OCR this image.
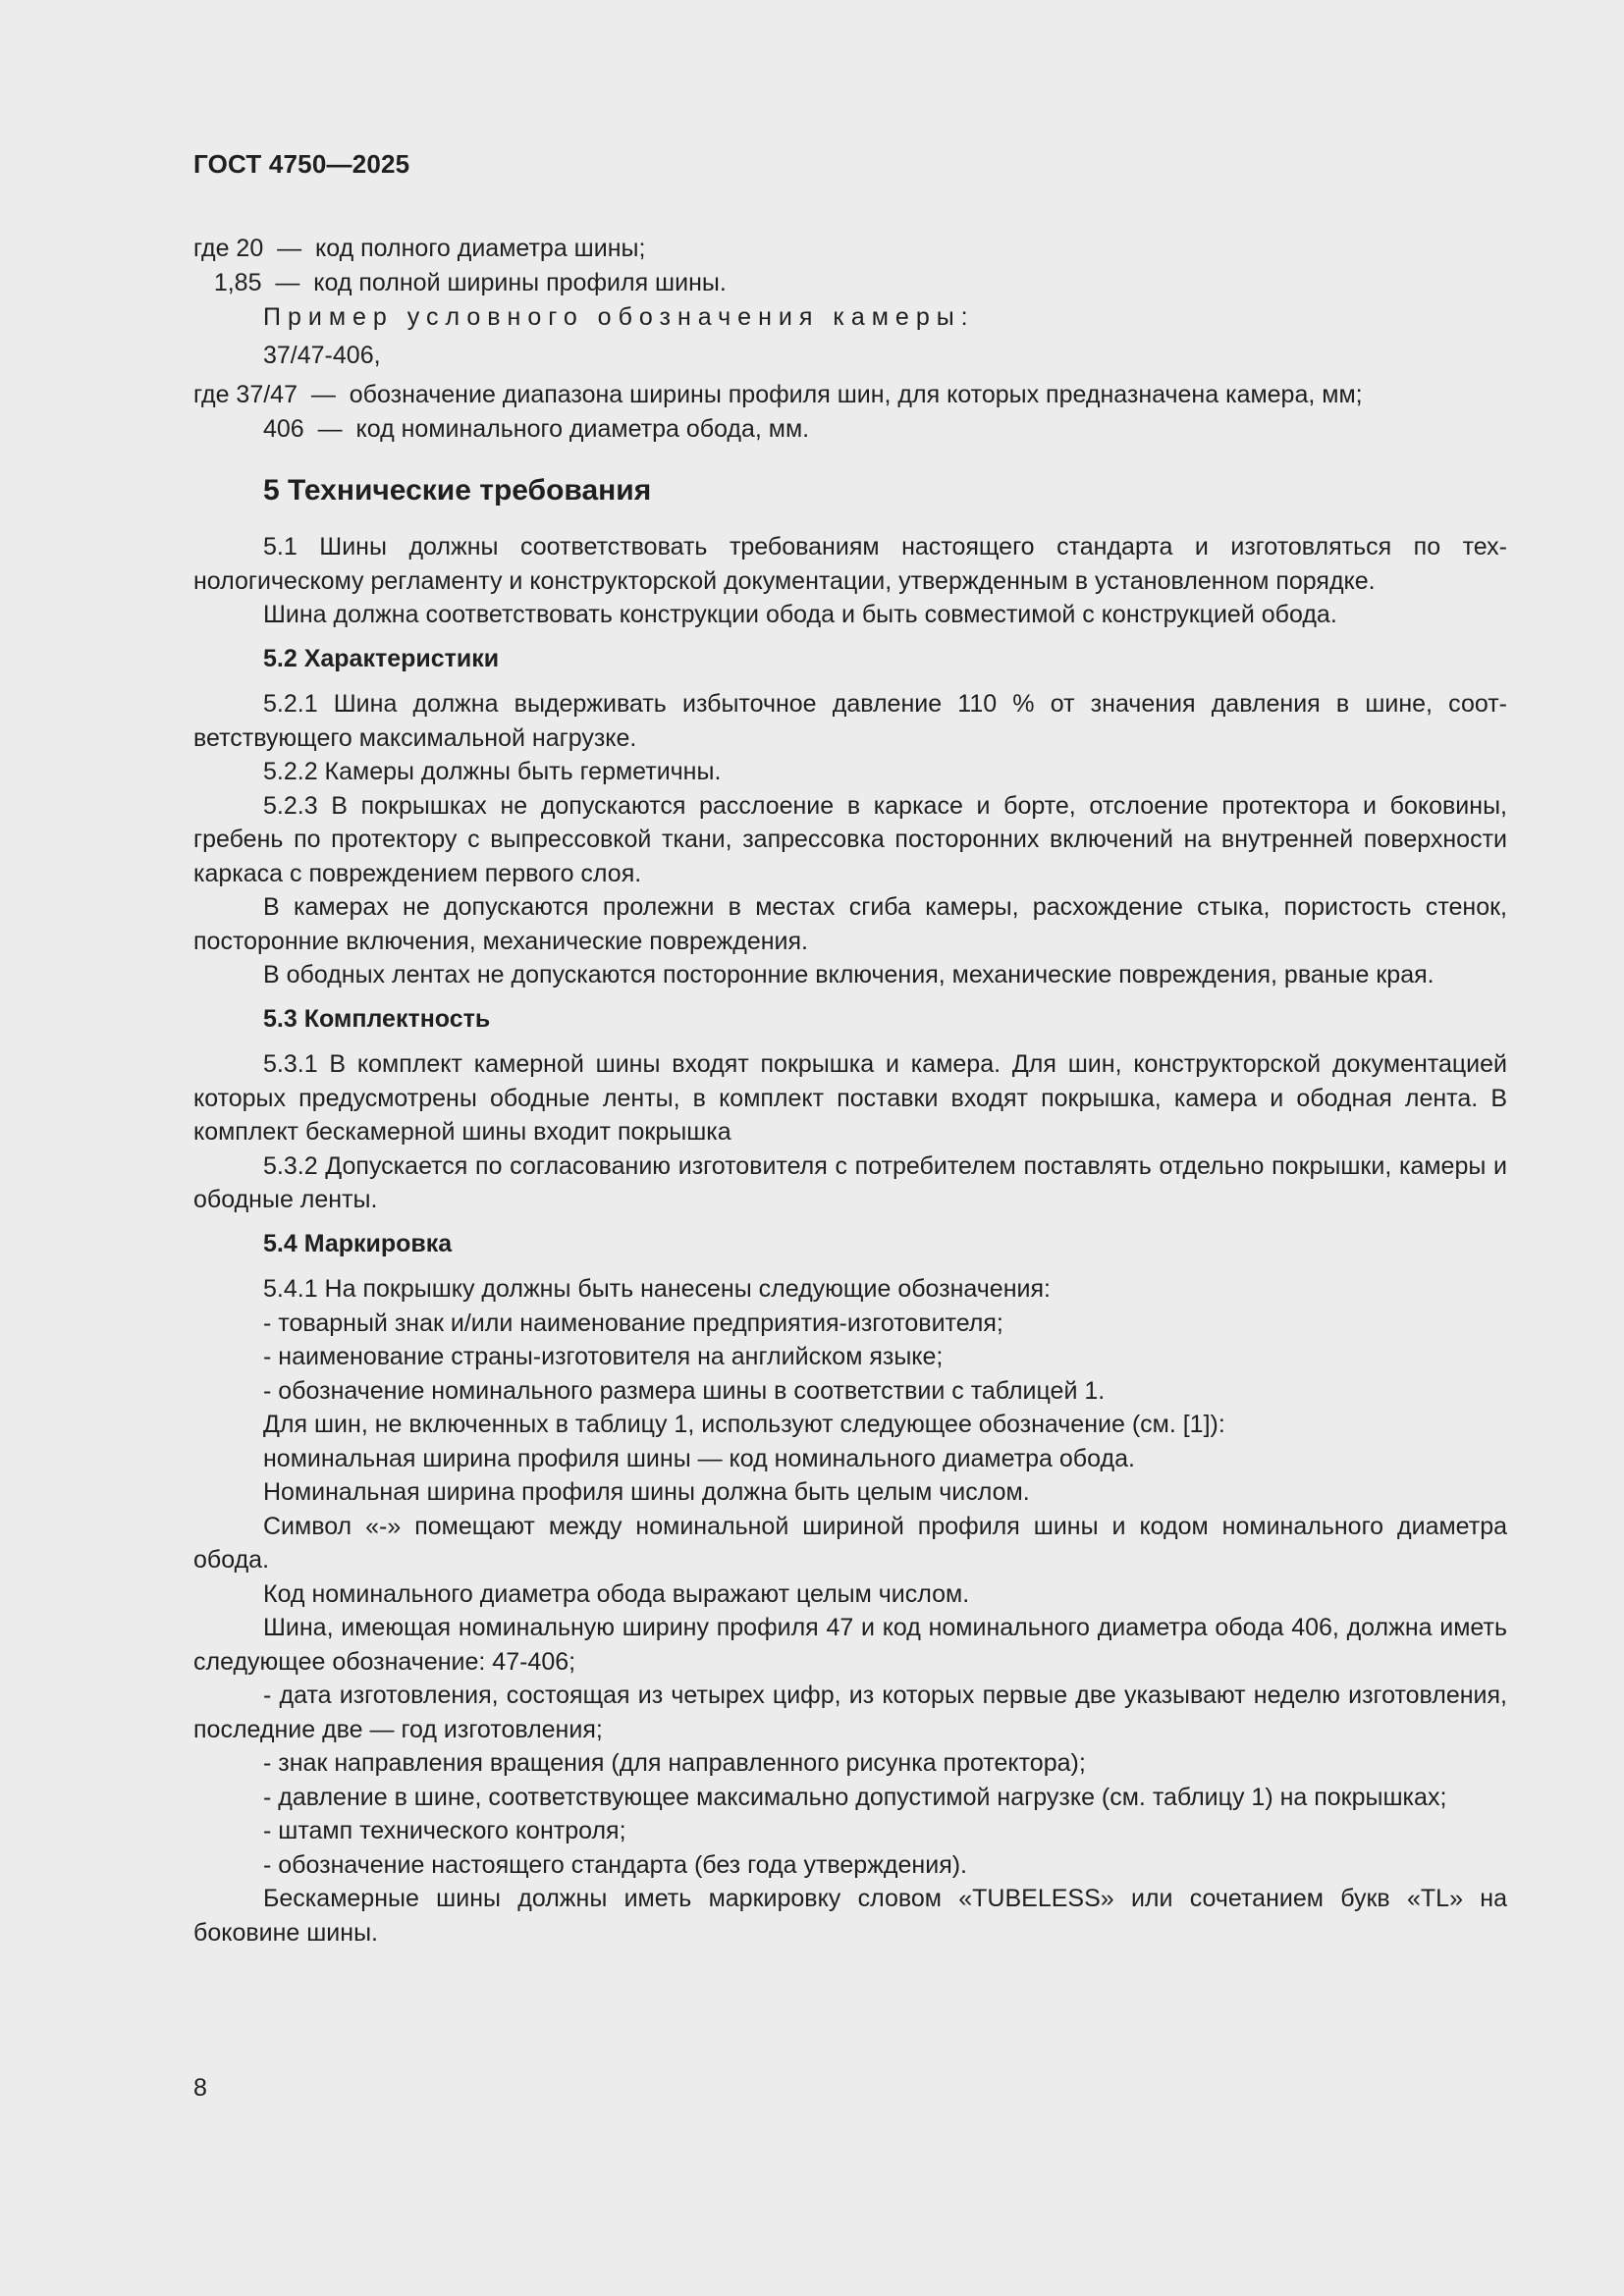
ГОСТ 4750—2025
где 20  — код полного диаметра шины;
1,85  — код полной ширины профиля шины.

Пример условного обозначения камеры:

37/47-406,

где 37/47  — обозначение диапазона ширины профиля шин, для которых предназначена камера, мм;
406  — код номинального диаметра обода, мм.
5 Технические требования

5.1 Шины должны соответствовать требованиям настоящего стандарта и изготовляться по технологическому регламенту и конструкторской документации, утвержденным в установленном порядке.

Шина должна соответствовать конструкции обода и быть совместимой с конструкцией обода.

5.2 Характеристики

5.2.1 Шина должна выдерживать избыточное давление 110 % от значения давления в шине, соответствующего максимальной нагрузке.

5.2.2 Камеры должны быть герметичны.

5.2.3 В покрышках не допускаются расслоение в каркасе и борте, отслоение протектора и боковины, гребень по протектору с выпрессовкой ткани, запрессовка посторонних включений на внутренней поверхности каркаса с повреждением первого слоя.

В камерах не допускаются пролежни в местах сгиба камеры, расхождение стыка, пористость стенок, посторонние включения, механические повреждения.

В ободных лентах не допускаются посторонние включения, механические повреждения, рваные края.

5.3 Комплектность

5.3.1 В комплект камерной шины входят покрышка и камера. Для шин, конструкторской документацией которых предусмотрены ободные ленты, в комплект поставки входят покрышка, камера и ободная лента. В комплект бескамерной шины входит покрышка

5.3.2 Допускается по согласованию изготовителя с потребителем поставлять отдельно покрышки, камеры и ободные ленты.

5.4 Маркировка

5.4.1 На покрышку должны быть нанесены следующие обозначения:

- товарный знак и/или наименование предприятия-изготовителя;

- наименование страны-изготовителя на английском языке;

- обозначение номинального размера шины в соответствии с таблицей 1.

Для шин, не включенных в таблицу 1, используют следующее обозначение (см. [1]):

номинальная ширина профиля шины — код номинального диаметра обода.

Номинальная ширина профиля шины должна быть целым числом.

Символ «-» помещают между номинальной шириной профиля шины и кодом номинального диаметра обода.

Код номинального диаметра обода выражают целым числом.

Шина, имеющая номинальную ширину профиля 47 и код номинального диаметра обода 406, должна иметь следующее обозначение: 47-406;

- дата изготовления, состоящая из четырех цифр, из которых первые две указывают неделю изготовления, последние две — год изготовления;

- знак направления вращения (для направленного рисунка протектора);

- давление в шине, соответствующее максимально допустимой нагрузке (см. таблицу 1) на покрышках;

- штамп технического контроля;

- обозначение настоящего стандарта (без года утверждения).

Бескамерные шины должны иметь маркировку словом «TUBELESS» или сочетанием букв «TL» на боковине шины.

8
